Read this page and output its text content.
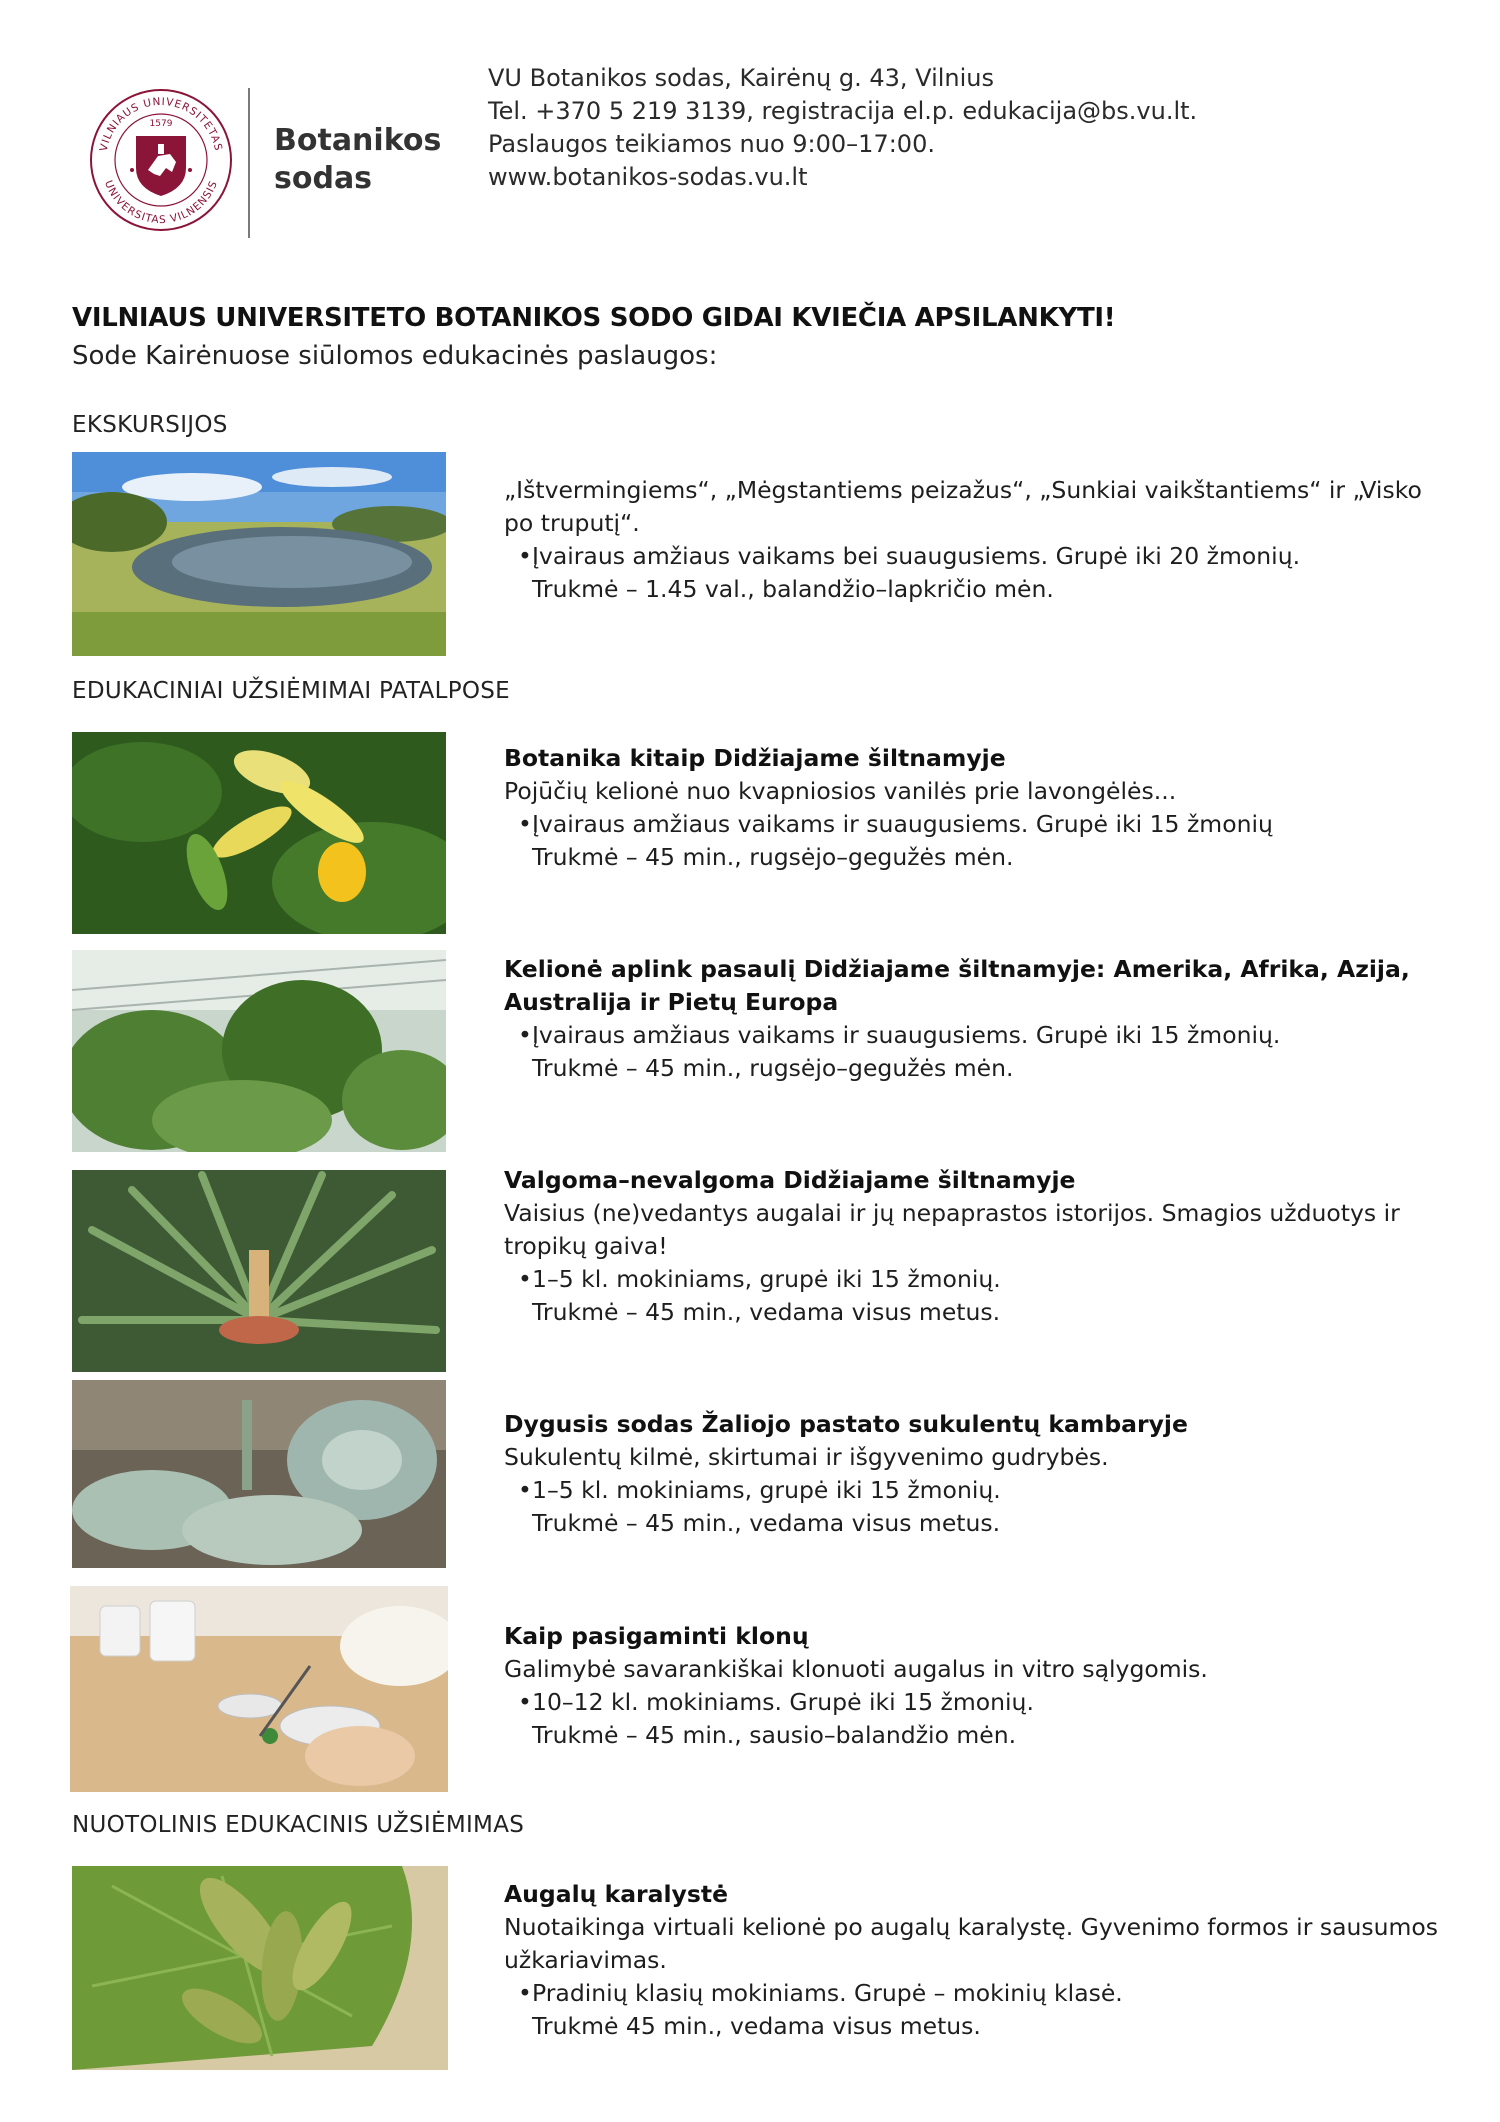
VILNIAUS UNIVERSITETAS
UNIVERSITAS VILNENSIS
1579	Botanikos
sodas
VU Botanikos sodas, Kairėnų g. 43, Vilnius
Tel. +370 5 219 3139, registracija el.p. edukacija@bs.vu.lt.
Paslaugos teikiamos nuo 9:00–17:00.
www.botanikos-sodas.vu.lt
VILNIAUS UNIVERSITETO BOTANIKOS SODO GIDAI KVIEČIA APSILANKYTI!
Sode Kairėnuose siūlomos edukacinės paslaugos:
EKSKURSIJOS
„Ištvermingiems“, „Mėgstantiems peizažus“, „Sunkiai vaikštantiems“ ir „Visko po truputį“.
•Įvairaus amžiaus vaikams bei suaugusiems. Grupė iki 20 žmonių.
Trukmė – 1.45 val., balandžio–lapkričio mėn.
EDUKACINIAI UŽSIĖMIMAI PATALPOSE
Botanika kitaip Didžiajame šiltnamyje
Pojūčių kelionė nuo kvapniosios vanilės prie lavongėlės...
•Įvairaus amžiaus vaikams ir suaugusiems. Grupė iki 15 žmonių
Trukmė – 45 min., rugsėjo–gegužės mėn.
Kelionė aplink pasaulį Didžiajame šiltnamyje: Amerika, Afrika, Azija, Australija ir Pietų Europa
•Įvairaus amžiaus vaikams ir suaugusiems. Grupė iki 15 žmonių.
Trukmė – 45 min., rugsėjo–gegužės mėn.
Valgoma–nevalgoma Didžiajame šiltnamyje
Vaisius (ne)vedantys augalai ir jų nepaprastos istorijos. Smagios užduotys ir tropikų gaiva!
•1–5 kl. mokiniams, grupė iki 15 žmonių.
Trukmė – 45 min., vedama visus metus.
Dygusis sodas Žaliojo pastato sukulentų kambaryje
Sukulentų kilmė, skirtumai ir išgyvenimo gudrybės.
•1–5 kl. mokiniams, grupė iki 15 žmonių.
Trukmė – 45 min., vedama visus metus.
Kaip pasigaminti klonų
Galimybė savarankiškai klonuoti augalus in vitro sąlygomis.
•10–12 kl. mokiniams. Grupė iki 15 žmonių.
Trukmė – 45 min., sausio–balandžio mėn.
NUOTOLINIS EDUKACINIS UŽSIĖMIMAS
Augalų karalystė
Nuotaikinga virtuali kelionė po augalų karalystę. Gyvenimo formos ir sausumos užkariavimas.
•Pradinių klasių mokiniams. Grupė – mokinių klasė.
Trukmė 45 min., vedama visus metus.
